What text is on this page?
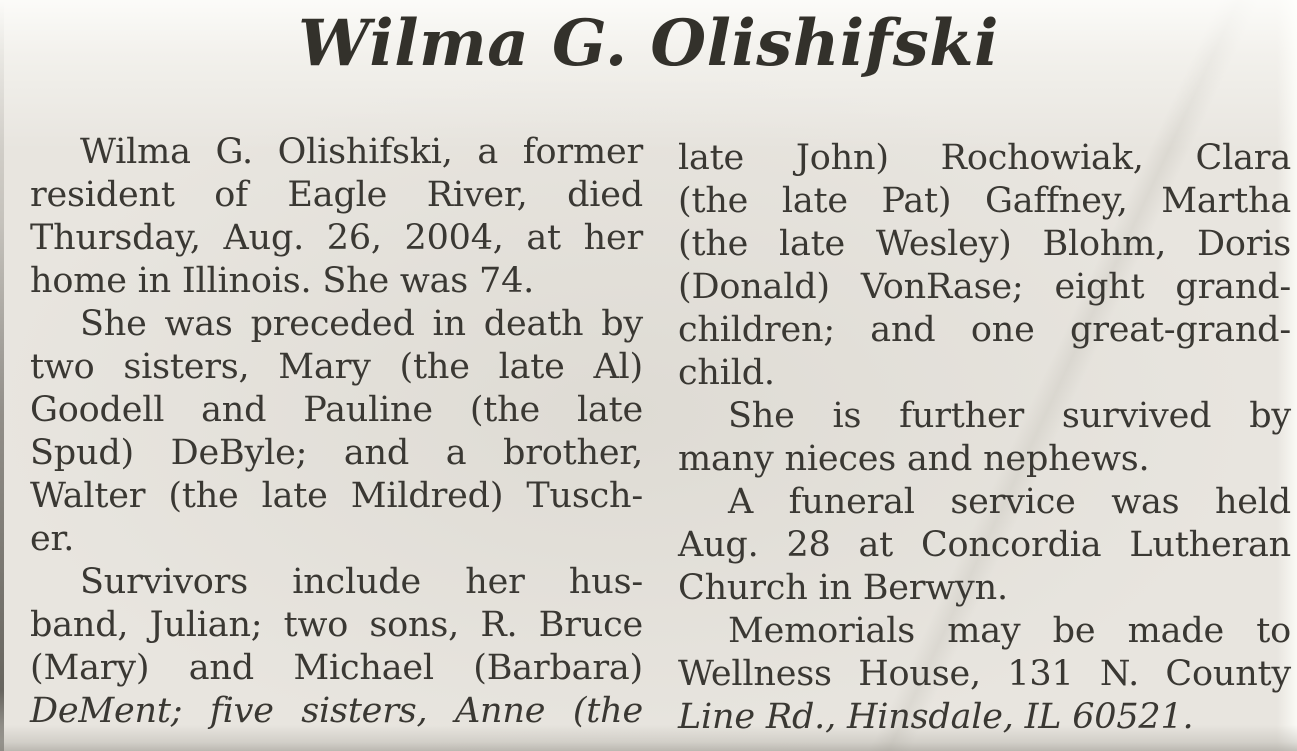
Wilma G. Olishifski
Wilma G. Olishifski, a former
resident of Eagle River, died
Thursday, Aug. 26, 2004, at her
home in Illinois. She was 74.
She was preceded in death by
two sisters, Mary (the late Al)
Goodell and Pauline (the late
Spud) DeByle; and a brother,
Walter (the late Mildred) Tusch-
er.
Survivors include her hus-
band, Julian; two sons, R. Bruce
(Mary) and Michael (Barbara)
DeMent; five sisters, Anne (the
late John) Rochowiak, Clara
(the late Pat) Gaffney, Martha
(the late Wesley) Blohm, Doris
(Donald) VonRase; eight grand-
children; and one great-grand-
child.
She is further survived by
many nieces and nephews.
A funeral service was held
Aug. 28 at Concordia Lutheran
Church in Berwyn.
Memorials may be made to
Wellness House, 131 N. County
Line Rd., Hinsdale, IL 60521.
